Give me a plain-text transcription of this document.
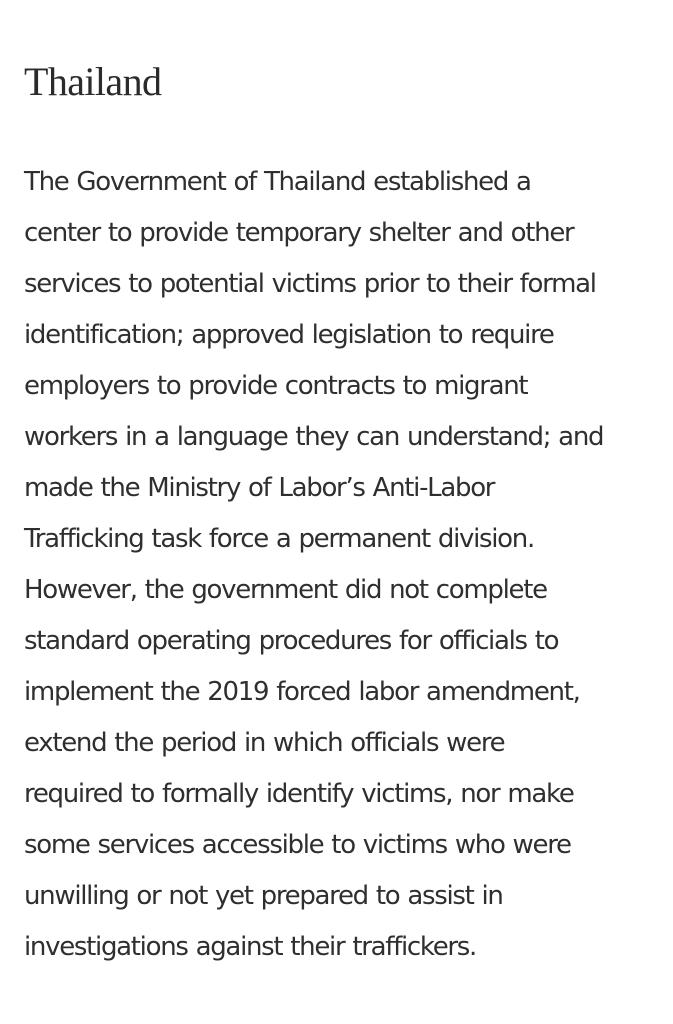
Thailand

The Government of Thailand established a
center to provide temporary shelter and other
services to potential victims prior to their formal
identification; approved legislation to require
employers to provide contracts to migrant
workers in a language they can understand; and
made the Ministry of Labor’s Anti-Labor
Trafficking task force a permanent division.
However, the government did not complete
standard operating procedures for officials to
implement the 2019 forced labor amendment,
extend the period in which officials were
required to formally identify victims, nor make
some services accessible to victims who were
unwilling or not yet prepared to assist in
investigations against their traffickers.
